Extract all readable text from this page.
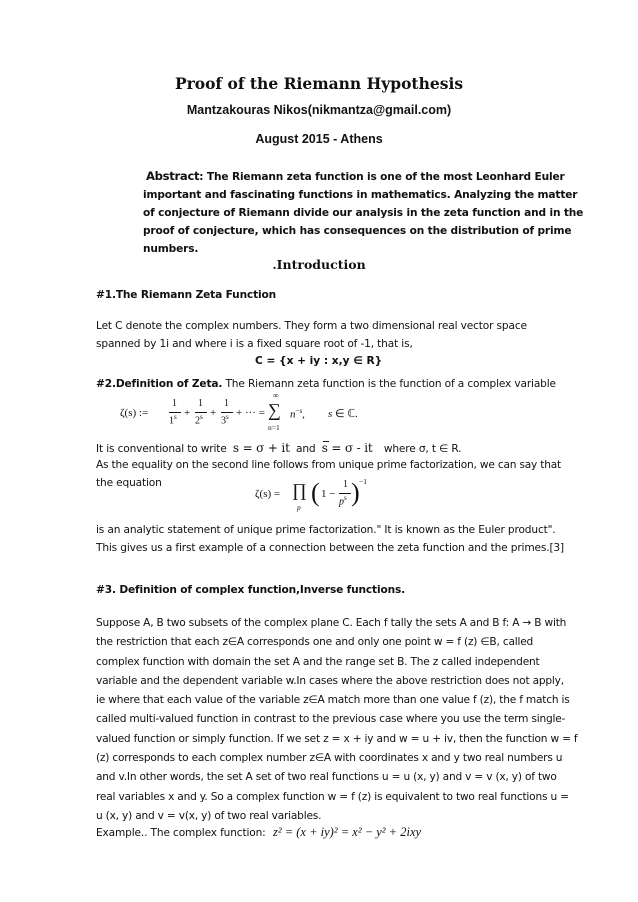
Proof of the Riemann Hypothesis
Mantzakouras Nikos(nikmantza@gmail.com)
August 2015 - Athens
Abstract: The Riemann zeta function is one of the most Leonhard Euler
important and fascinating functions in mathematics. Analyzing the matter
of conjecture of Riemann divide our analysis in the zeta function and in the
proof of conjecture, which has consequences on the distribution of prime
numbers.
.Introduction
#1.The Riemann Zeta Function
Let C denote the complex numbers. They form a two dimensional real vector space
spanned by 1i and where i is a fixed square root of -1, that is,
C = {x + iy : x,y ∈ R}
#2.Definition of Zeta. The Riemann zeta function is the function of a complex variable
ζ(s) :=
1
$1^s$ +
1
$2^s$ +
1
$3^s$ + ··· =
∞
∑
n=1
$n^{-s}$, s ∈ ℂ.
It is conventional to write s = σ + it and s = σ - it where σ, t ∈ R.
As the equality on the second line follows from unique prime factorization, we can say that
the equation
ζ(s) = ∏
p
( 1 −
1
$p^s$ ) −1
is an analytic statement of unique prime factorization." It is known as the Euler product".
This gives us a first example of a connection between the zeta function and the primes.[3]
#3. Definition of complex function,Inverse functions.
Suppose A, B two subsets of the complex plane C. Each f tally the sets A and B f: A → B with
the restriction that each z∈A corresponds one and only one point w = f (z) ∈B, called
complex function with domain the set A and the range set B. The z called independent
variable and the dependent variable w.In cases where the above restriction does not apply,
ie where that each value of the variable z∈A match more than one value f (z), the f match is
called multi-valued function in contrast to the previous case where you use the term single-
valued function or simply function. If we set z = x + iy and w = u + iv, then the function w = f
(z) corresponds to each complex number z∈A with coordinates x and y two real numbers u
and v.In other words, the set A set of two real functions u = u (x, y) and v = v (x, y) of two
real variables x and y. So a complex function w = f (z) is equivalent to two real functions u =
u (x, y) and v = v(x, y) of two real variables.
Example.. The complex function: z² = (x + iy)² = x² − y² + 2ixy
